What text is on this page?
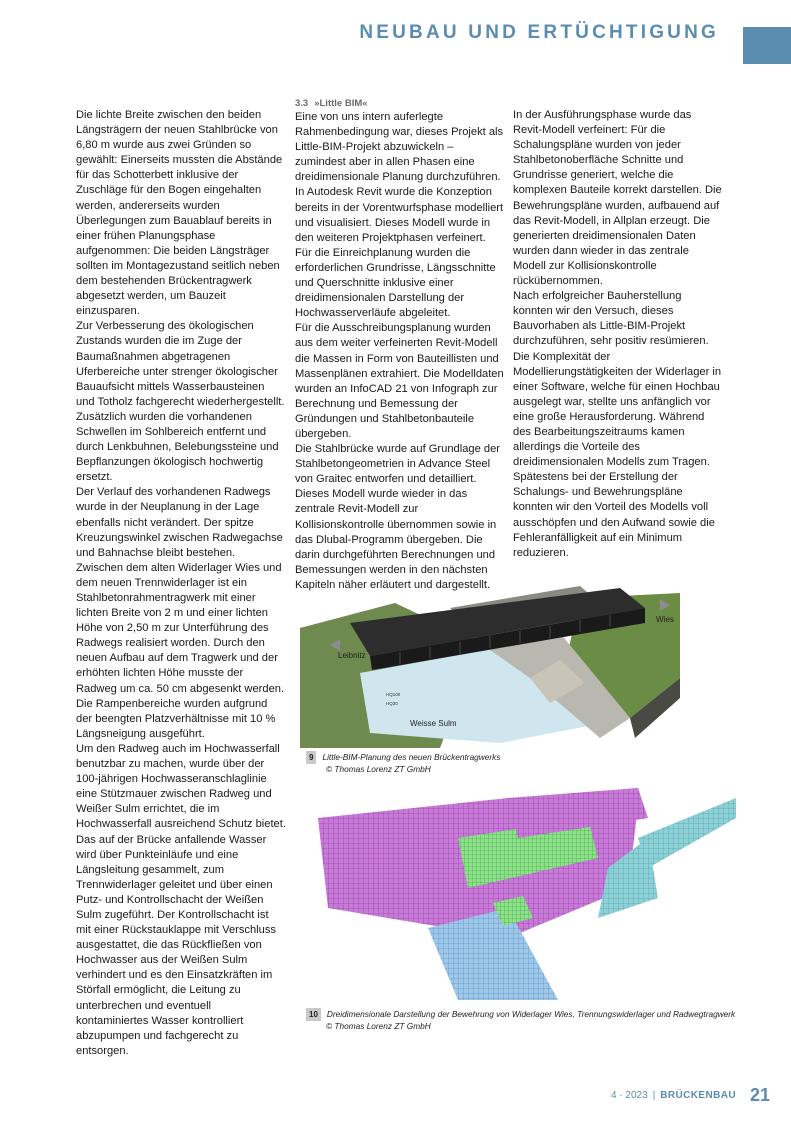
NEUBAU UND ERTÜCHTIGUNG

Die lichte Breite zwischen den beiden Längsträgern der neuen Stahlbrücke von 6,80 m wurde aus zwei Gründen so gewählt: Einerseits mussten die Abstände für das Schotterbett inklusive der Zuschläge für den Bogen eingehalten werden, andererseits wurden Überlegungen zum Bauablauf bereits in einer frühen Planungsphase aufgenommen: Die beiden Längsträger sollten im Montagezustand seitlich neben dem bestehenden Brückentragwerk abgesetzt werden, um Bauzeit einzusparen.

Zur Verbesserung des ökologischen Zustands wurden die im Zuge der Baumaßnahmen abgetragenen Uferbereiche unter strenger ökologischer Bauaufsicht mittels Wasserbausteinen und Totholz fachgerecht wiederhergestellt. Zusätzlich wurden die vorhandenen Schwellen im Sohlbereich entfernt und durch Lenkbuhnen, Belebungssteine und Bepflanzungen ökologisch hochwertig ersetzt.

Der Verlauf des vorhandenen Radwegs wurde in der Neuplanung in der Lage ebenfalls nicht verändert. Der spitze Kreuzungswinkel zwischen Radwegachse und Bahnachse bleibt bestehen.

Zwischen dem alten Widerlager Wies und dem neuen Trennwiderlager ist ein Stahlbetonrahmentragwerk mit einer lichten Breite von 2 m und einer lichten Höhe von 2,50 m zur Unterführung des Radwegs realisiert worden. Durch den neuen Aufbau auf dem Tragwerk und der erhöhten lichten Höhe musste der Radweg um ca. 50 cm abgesenkt werden.

Die Rampenbereiche wurden aufgrund der beengten Platzverhältnisse mit 10 % Längsneigung ausgeführt.

Um den Radweg auch im Hochwasserfall benutzbar zu machen, wurde über der 100-jährigen Hochwasseranschlaglinie eine Stützmauer zwischen Radweg und Weißer Sulm errichtet, die im Hochwasserfall ausreichend Schutz bietet.

Das auf der Brücke anfallende Wasser wird über Punkteinläufe und eine Längsleitung gesammelt, zum Trennwiderlager geleitet und über einen Putz- und Kontrollschacht der Weißen Sulm zugeführt. Der Kontrollschacht ist mit einer Rückstauklappe mit Verschluss ausgestattet, die das Rückfließen von Hochwasser aus der Weißen Sulm verhindert und es den Einsatzkräften im Störfall ermöglicht, die Leitung zu unterbrechen und eventuell kontaminiertes Wasser kontrolliert abzupumpen und fachgerecht zu entsorgen.

3.3 »Little BIM«

Eine von uns intern auferlegte Rahmenbedingung war, dieses Projekt als Little-BIM-Projekt abzuwickeln – zumindest aber in allen Phasen eine dreidimensionale Planung durchzuführen. In Autodesk Revit wurde die Konzeption bereits in der Vorentwurfsphase modelliert und visualisiert. Dieses Modell wurde in den weiteren Projektphasen verfeinert. Für die Einreichplanung wurden die erforderlichen Grundrisse, Längsschnitte und Querschnitte inklusive einer dreidimensionalen Darstellung der Hochwasserverläufe abgeleitet.

Für die Ausschreibungsplanung wurden aus dem weiter verfeinerten Revit-Modell die Massen in Form von Bauteillisten und Massenplänen extrahiert. Die Modelldaten wurden an InfoCAD 21 von Infograph zur Berechnung und Bemessung der Gründungen und Stahlbetonbauteile übergeben.

Die Stahlbrücke wurde auf Grundlage der Stahlbetongeometrien in Advance Steel von Graitec entworfen und detailliert. Dieses Modell wurde wieder in das zentrale Revit-Modell zur Kollisionskontrolle übernommen sowie in das Dlubal-Programm übergeben. Die darin durchgeführten Berechnungen und Bemessungen werden in den nächsten Kapiteln näher erläutert und dargestellt.

In der Ausführungsphase wurde das Revit-Modell verfeinert: Für die Schalungspläne wurden von jeder Stahlbetonoberfläche Schnitte und Grundrisse generiert, welche die komplexen Bauteile korrekt darstellen. Die Bewehrungspläne wurden, aufbauend auf das Revit-Modell, in Allplan erzeugt. Die generierten dreidimensionalen Daten wurden dann wieder in das zentrale Modell zur Kollisionskontrolle rückübernommen.

Nach erfolgreicher Bauherstellung konnten wir den Versuch, dieses Bauvorhaben als Little-BIM-Projekt durchzuführen, sehr positiv resümieren. Die Komplexität der Modellierungstätigkeiten der Widerlager in einer Software, welche für einen Hochbau ausgelegt war, stellte uns anfänglich vor eine große Herausforderung. Während des Bearbeitungszeitraums kamen allerdings die Vorteile des dreidimensionalen Modells zum Tragen. Spätestens bei der Erstellung der Schalungs- und Bewehrungspläne konnten wir den Vorteil des Modells voll ausschöpfen und den Aufwand sowie die Fehleranfälligkeit auf ein Minimum reduzieren.

Leibnitz
Wies
Weisse Sulm
HQ100
HQ30
9 Little-BIM-Planung des neuen Brückentragwerks
© Thomas Lorenz ZT GmbH
10 Dreidimensionale Darstellung der Bewehrung von Widerlager Wies, Trennungswiderlager und Radwegtragwerk
© Thomas Lorenz ZT GmbH
4 · 2023 | BRÜCKENBAU 21
